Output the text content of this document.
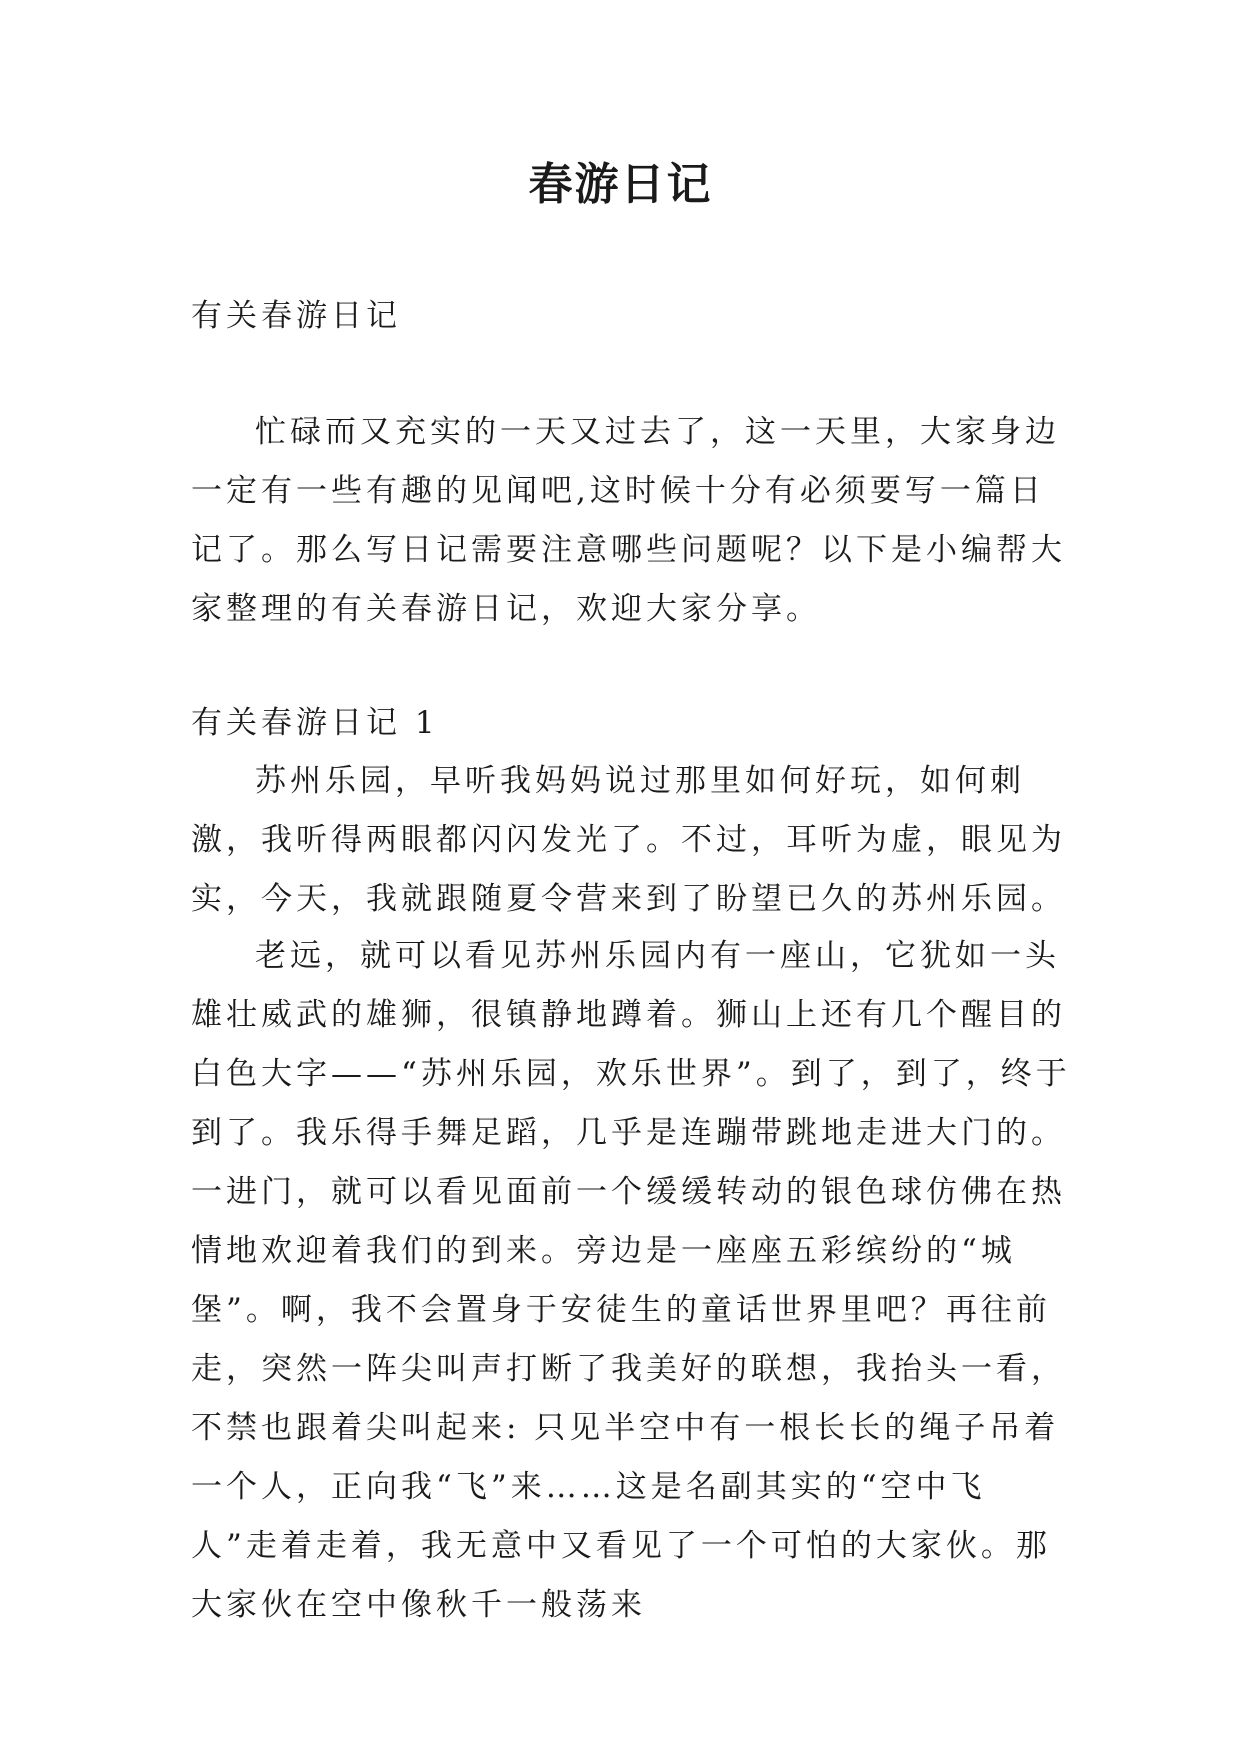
春游日记

有关春游日记

忙碌而又充实的一天又过去了，这一天里，大家身边一定有一些有趣的见闻吧,这时候十分有必须要写一篇日记了。那么写日记需要注意哪些问题呢？以下是小编帮大家整理的有关春游日记，欢迎大家分享。

有关春游日记 1

苏州乐园，早听我妈妈说过那里如何好玩，如何刺激，我听得两眼都闪闪发光了。不过，耳听为虚，眼见为实，今天，我就跟随夏令营来到了盼望已久的苏州乐园。

老远，就可以看见苏州乐园内有一座山，它犹如一头雄壮威武的雄狮，很镇静地蹲着。狮山上还有几个醒目的白色大字——“苏州乐园，欢乐世界”。到了，到了，终于到了。我乐得手舞足蹈，几乎是连蹦带跳地走进大门的。一进门，就可以看见面前一个缓缓转动的银色球仿佛在热情地欢迎着我们的到来。旁边是一座座五彩缤纷的“城堡”。啊，我不会置身于安徒生的童话世界里吧？再往前走，突然一阵尖叫声打断了我美好的联想，我抬头一看，不禁也跟着尖叫起来: 只见半空中有一根长长的绳子吊着一个人，正向我“飞”来……这是名副其实的“空中飞人”走着走着，我无意中又看见了一个可怕的大家伙。那大家伙在空中像秋千一般荡来
